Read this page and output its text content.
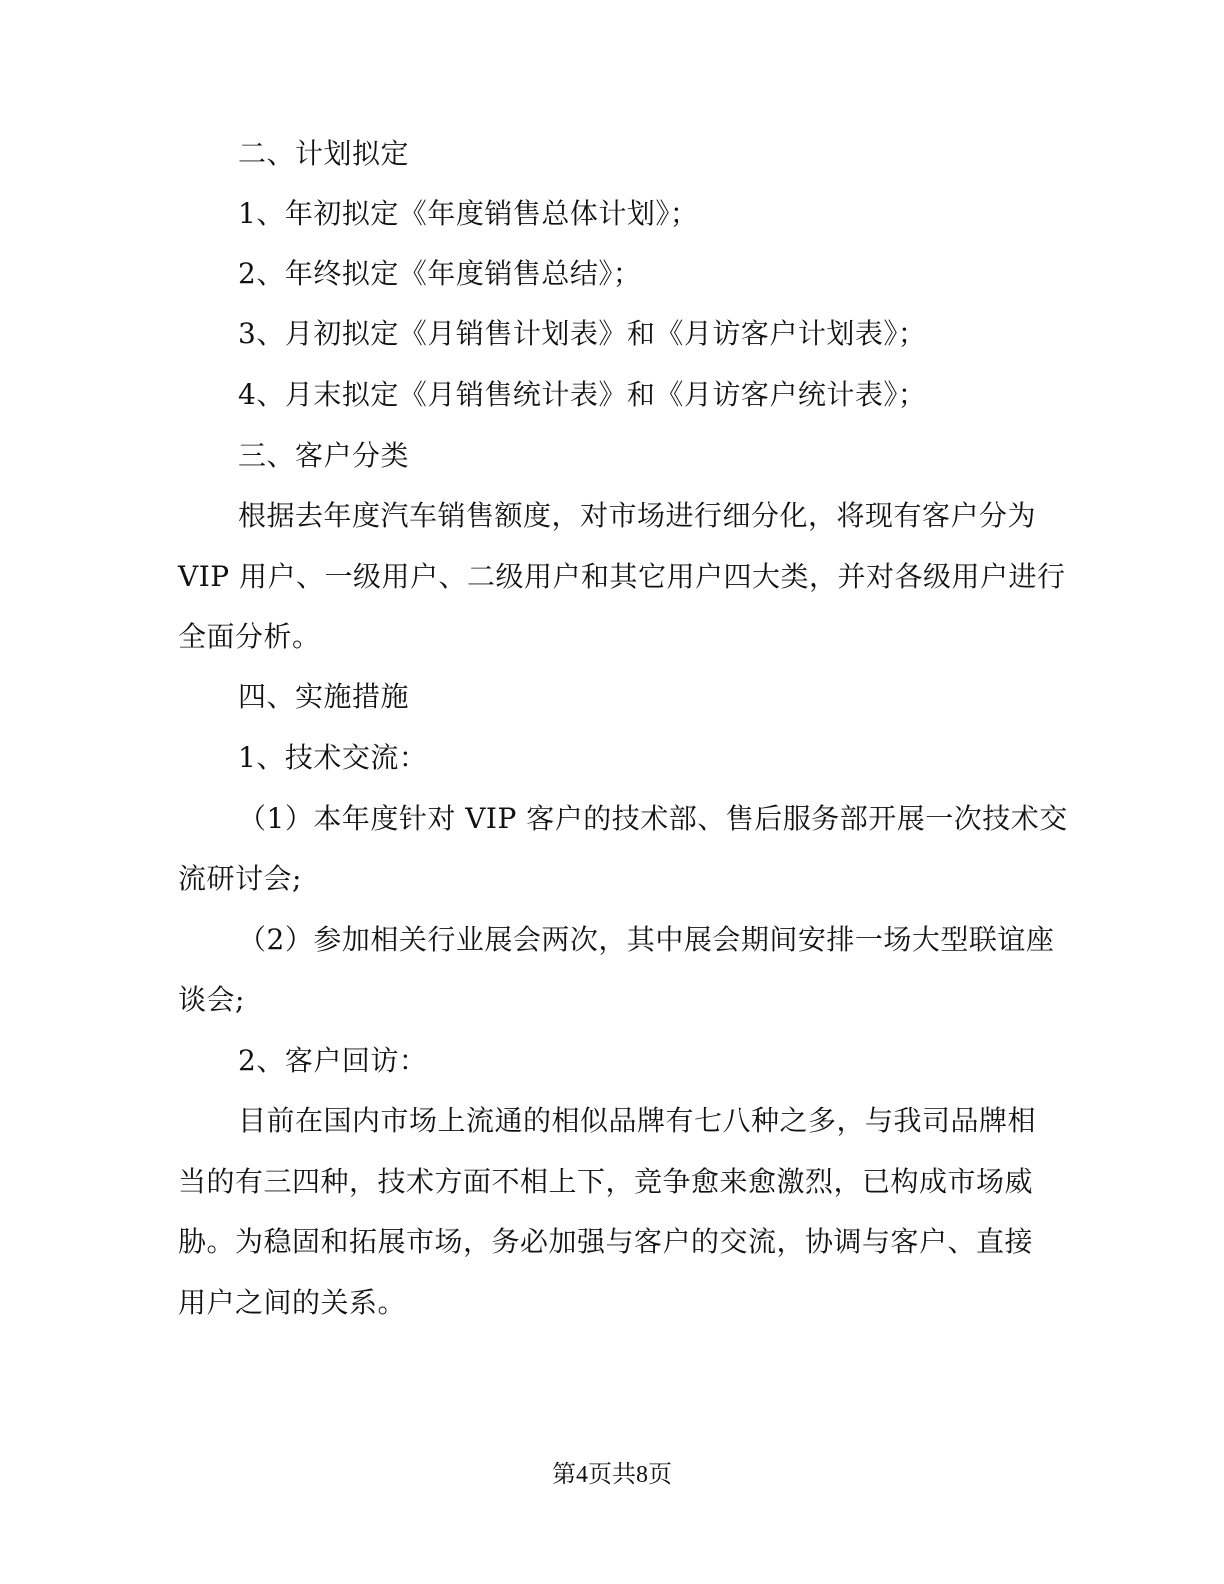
二、计划拟定
1、年初拟定《年度销售总体计划》；
2、年终拟定《年度销售总结》；
3、月初拟定《月销售计划表》和《月访客户计划表》；
4、月末拟定《月销售统计表》和《月访客户统计表》；
三、客户分类
根据去年度汽车销售额度，对市场进行细分化，将现有客户分为
VIP 用户、一级用户、二级用户和其它用户四大类，并对各级用户进行
全面分析。
四、实施措施
1、技术交流：
（1）本年度针对 VIP 客户的技术部、售后服务部开展一次技术交
流研讨会;
（2）参加相关行业展会两次，其中展会期间安排一场大型联谊座
谈会;
2、客户回访：
目前在国内市场上流通的相似品牌有七八种之多，与我司品牌相
当的有三四种，技术方面不相上下，竞争愈来愈激烈，已构成市场威
胁。为稳固和拓展市场，务必加强与客户的交流，协调与客户、直接
用户之间的关系。
第4页共8页
